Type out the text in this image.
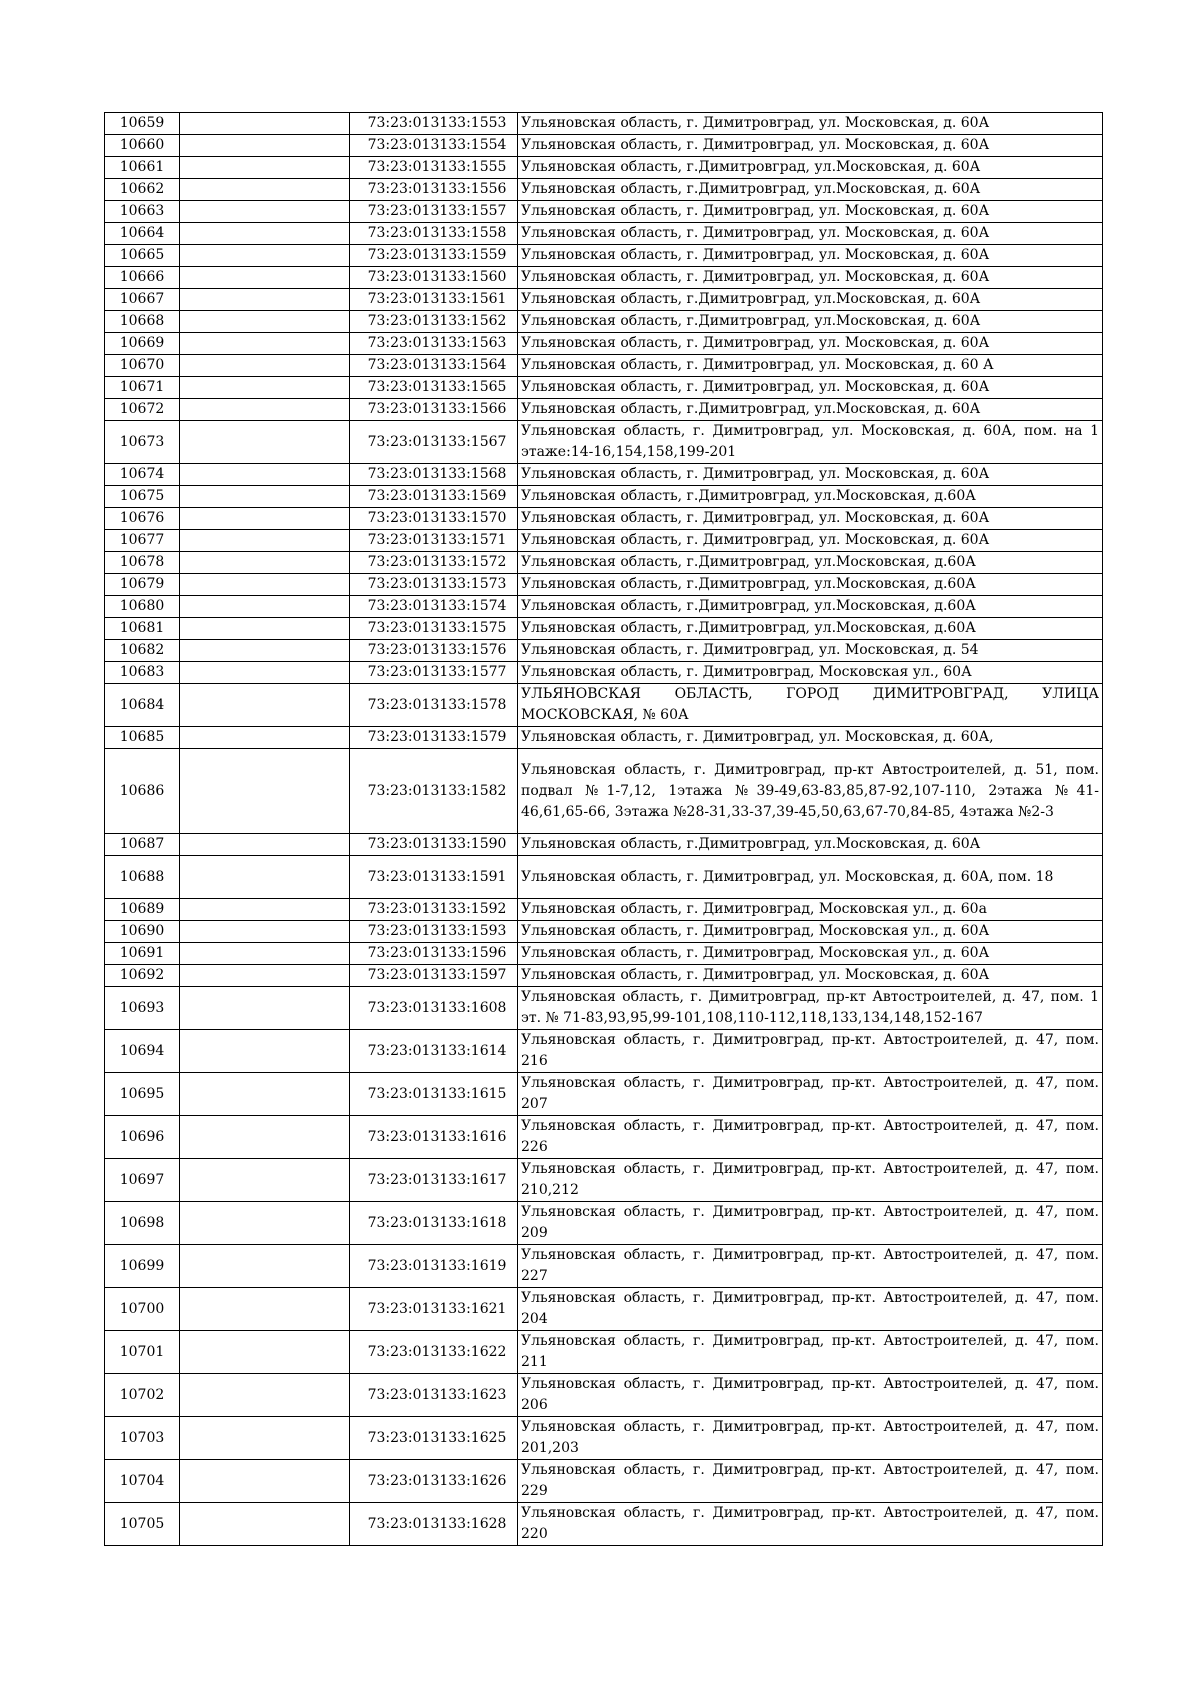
10659		73:23:013133:1553	Ульяновская область, г. Димитровград, ул. Московская, д. 60А
10660		73:23:013133:1554	Ульяновская область, г. Димитровград, ул. Московская, д. 60А
10661		73:23:013133:1555	Ульяновская область, г.Димитровград, ул.Московская, д. 60А
10662		73:23:013133:1556	Ульяновская область, г.Димитровград, ул.Московская, д. 60А
10663		73:23:013133:1557	Ульяновская область, г. Димитровград, ул. Московская, д. 60А
10664		73:23:013133:1558	Ульяновская область, г. Димитровград, ул. Московская, д. 60А
10665		73:23:013133:1559	Ульяновская область, г. Димитровград, ул. Московская, д. 60А
10666		73:23:013133:1560	Ульяновская область, г. Димитровград, ул. Московская, д. 60А
10667		73:23:013133:1561	Ульяновская область, г.Димитровград, ул.Московская, д. 60А
10668		73:23:013133:1562	Ульяновская область, г.Димитровград, ул.Московская, д. 60А
10669		73:23:013133:1563	Ульяновская область, г. Димитровград, ул. Московская, д. 60А
10670		73:23:013133:1564	Ульяновская область, г. Димитровград, ул. Московская, д. 60 А
10671		73:23:013133:1565	Ульяновская область, г. Димитровград, ул. Московская, д. 60А
10672		73:23:013133:1566	Ульяновская область, г.Димитровград, ул.Московская, д. 60А
10673		73:23:013133:1567	Ульяновская область, г. Димитровград, ул. Московская, д. 60А, пом. на 1 этаже:14-16,154,158,199-201
10674		73:23:013133:1568	Ульяновская область, г. Димитровград, ул. Московская, д. 60А
10675		73:23:013133:1569	Ульяновская область, г.Димитровград, ул.Московская, д.60А
10676		73:23:013133:1570	Ульяновская область, г. Димитровград, ул. Московская, д. 60А
10677		73:23:013133:1571	Ульяновская область, г. Димитровград, ул. Московская, д. 60А
10678		73:23:013133:1572	Ульяновская область, г.Димитровград, ул.Московская, д.60А
10679		73:23:013133:1573	Ульяновская область, г.Димитровград, ул.Московская, д.60А
10680		73:23:013133:1574	Ульяновская область, г.Димитровград, ул.Московская, д.60А
10681		73:23:013133:1575	Ульяновская область, г.Димитровград, ул.Московская, д.60А
10682		73:23:013133:1576	Ульяновская область, г. Димитровград, ул. Московская, д. 54
10683		73:23:013133:1577	Ульяновская область, г. Димитровград, Московская ул., 60А
10684		73:23:013133:1578	УЛЬЯНОВСКАЯ ОБЛАСТЬ, ГОРОД ДИМИТРОВГРАД, УЛИЦА МОСКОВСКАЯ, № 60А
10685		73:23:013133:1579	Ульяновская область, г. Димитровград, ул. Московская, д. 60А,
10686		73:23:013133:1582	Ульяновская область, г. Димитровград, пр-кт Автостроителей, д. 51, пом. подвал №1-7,12, 1этажа №39-49,63-83,85,87-92,107-110, 2этажа №41-46,61,65-66, 3этажа №28-31,33-37,39-45,50,63,67-70,84-85, 4этажа №2-3
10687		73:23:013133:1590	Ульяновская область, г.Димитровград, ул.Московская, д. 60А
10688		73:23:013133:1591	Ульяновская область, г. Димитровград, ул. Московская, д. 60А, пом. 18
10689		73:23:013133:1592	Ульяновская область, г. Димитровград, Московская ул., д. 60а
10690		73:23:013133:1593	Ульяновская область, г. Димитровград, Московская ул., д. 60А
10691		73:23:013133:1596	Ульяновская область, г. Димитровград, Московская ул., д. 60А
10692		73:23:013133:1597	Ульяновская область, г. Димитровград, ул. Московская, д. 60А
10693		73:23:013133:1608	Ульяновская область, г. Димитровград, пр-кт Автостроителей, д. 47, пом. 1 эт. № 71-83,93,95,99-101,108,110-112,118,133,134,148,152-167
10694		73:23:013133:1614	Ульяновская область, г. Димитровград, пр-кт. Автостроителей, д. 47, пом. 216
10695		73:23:013133:1615	Ульяновская область, г. Димитровград, пр-кт. Автостроителей, д. 47, пом. 207
10696		73:23:013133:1616	Ульяновская область, г. Димитровград, пр-кт. Автостроителей, д. 47, пом. 226
10697		73:23:013133:1617	Ульяновская область, г. Димитровград, пр-кт. Автостроителей, д. 47, пом. 210,212
10698		73:23:013133:1618	Ульяновская область, г. Димитровград, пр-кт. Автостроителей, д. 47, пом. 209
10699		73:23:013133:1619	Ульяновская область, г. Димитровград, пр-кт. Автостроителей, д. 47, пом. 227
10700		73:23:013133:1621	Ульяновская область, г. Димитровград, пр-кт. Автостроителей, д. 47, пом. 204
10701		73:23:013133:1622	Ульяновская область, г. Димитровград, пр-кт. Автостроителей, д. 47, пом. 211
10702		73:23:013133:1623	Ульяновская область, г. Димитровград, пр-кт. Автостроителей, д. 47, пом. 206
10703		73:23:013133:1625	Ульяновская область, г. Димитровград, пр-кт. Автостроителей, д. 47, пом. 201,203
10704		73:23:013133:1626	Ульяновская область, г. Димитровград, пр-кт. Автостроителей, д. 47, пом. 229
10705		73:23:013133:1628	Ульяновская область, г. Димитровград, пр-кт. Автостроителей, д. 47, пом. 220
